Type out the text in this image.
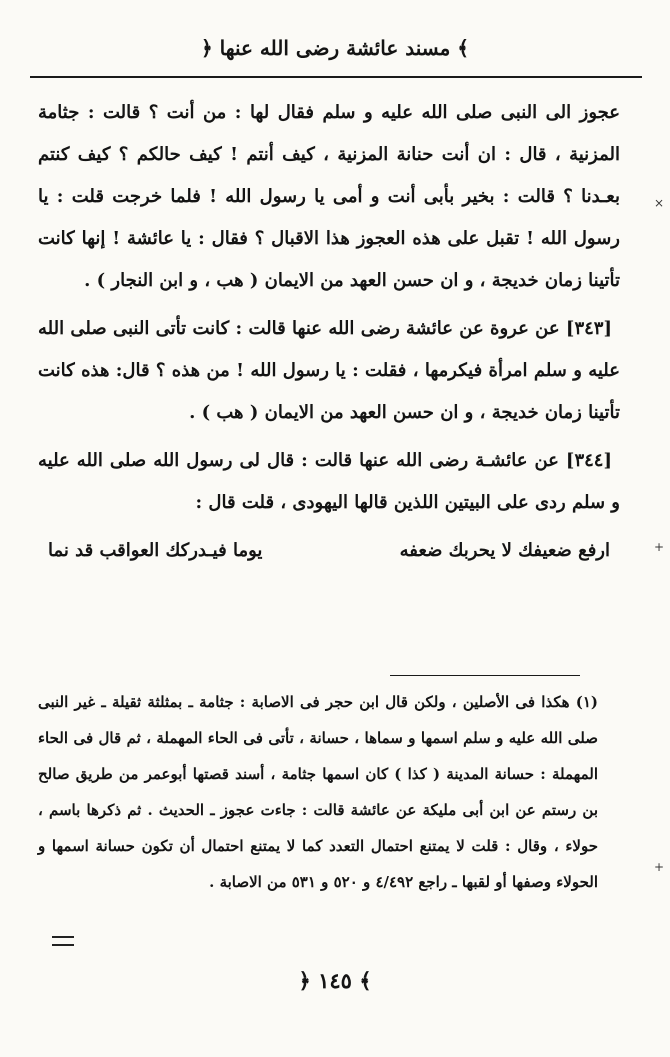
﴿ مسند عائشة رضى الله عنها ﴾

عجوز الى النبى صلى الله عليه و سلم فقال لها : من أنت ؟ قالت : جثامة المزنية ، قال : ان أنت حنانة المزنية ، كيف أنتم ! كيف حالكم ؟ كيف كنتم بعـدنا ؟ قالت : بخير بأبى أنت و أمى يا رسول الله ! فلما خرجت قلت : يا رسول الله ! تقبل على هذه العجوز هذا الاقبال ؟ فقال : يا عائشة ! إنها كانت تأتينا زمان خديجة ، و ان حسن العهد من الايمان ( هب ، و ابن النجار ) .

[٣٤٣] عن عروة عن عائشة رضى الله عنها قالت : كانت تأتى النبى صلى الله عليه و سلم امرأة فيكرمها ، فقلت : يا رسول الله ! من هذه ؟ قال: هذه كانت تأتينا زمان خديجة ، و ان حسن العهد من الايمان ( هب ) .

[٣٤٤] عن عائشـة رضى الله عنها قالت : قال لى رسول الله صلى الله عليه و سلم ردى على البيتين اللذين قالها اليهودى ، قلت قال :

ارفع ضعيفك لا يحربك ضعفه
يوما فيـدركك العواقب قد نما

(١) هكذا فى الأصلين ، ولكن قال ابن حجر فى الاصابة : جثامة ـ بمثلثة ثقيلة ـ غير النبى صلى الله عليه و سلم اسمها و سماها ، حسانة ، تأتى فى الحاء المهملة ، ثم قال فى الحاء المهملة : حسانة المدينة ( كذا ) كان اسمها جثامة ، أسند قصتها أبوعمر من طريق صالح بن رستم عن ابن أبى مليكة عن عائشة قالت : جاءت عجوز ـ الحديث . ثم ذكرها باسم ، حولاء ، وقال : قلت لا يمتنع احتمال التعدد كما لا يمتنع احتمال أن تكون حسانة اسمها و الحولاء وصفها أو لقبها ـ راجع ٤/٤٩٢ و ٥٢٠ و ٥٣١ من الاصابة .

×
+
+
﴿ ١٤٥ ﴾
